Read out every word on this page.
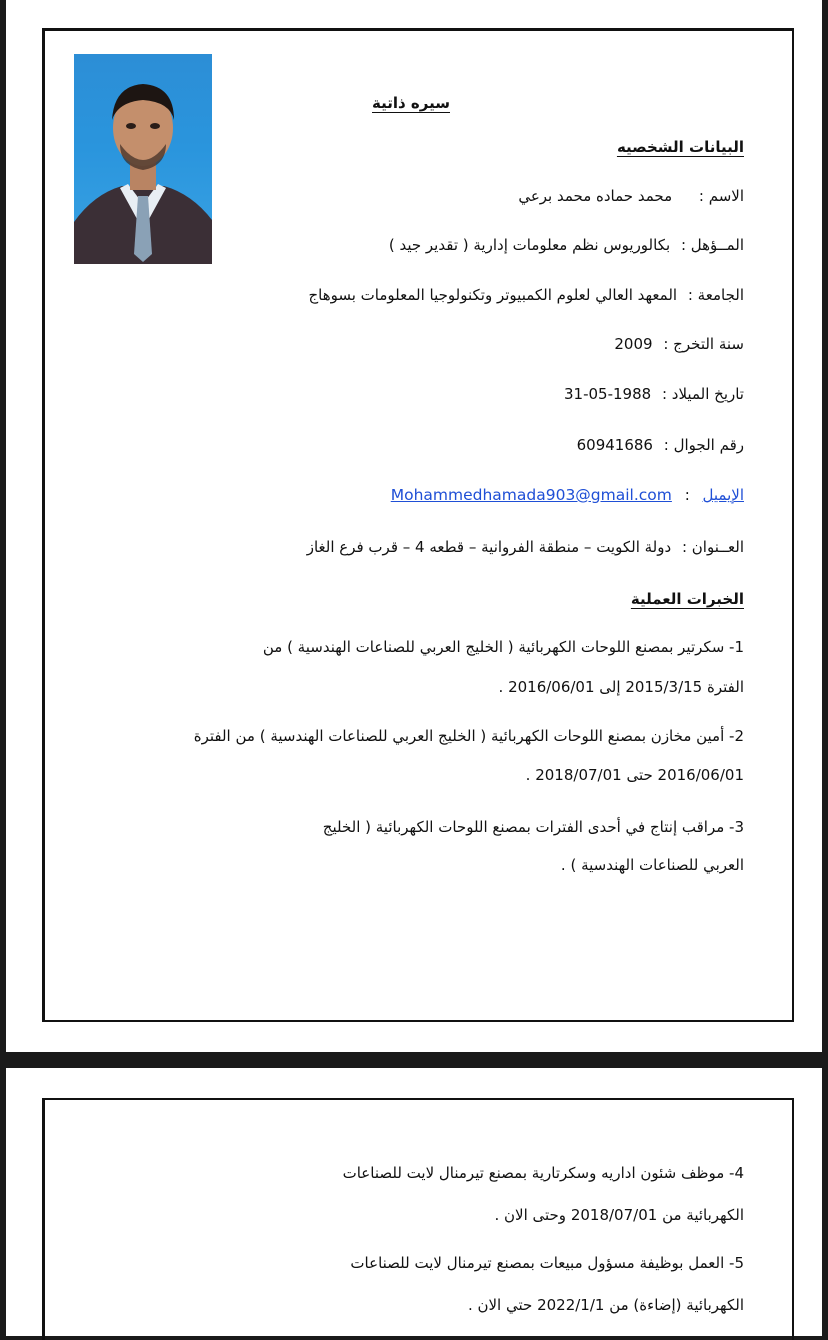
سيره ذاتية
البيانات الشخصيه
الاسم : محمد حماده محمد برعي
المــؤهل : بكالوريوس نظم معلومات إدارية ( تقدير جيد )
الجامعة : المعهد العالي لعلوم الكمبيوتر وتكنولوجيا المعلومات بسوهاج
سنة التخرج : 2009
تاريخ الميلاد : 31-05-1988
رقم الجوال : 60941686
الإيميل : Mohammedhamada903@gmail.com
العــنوان : دولة الكويت – منطقة الفروانية – قطعه 4 – قرب فرع الغاز
الخبرات العملية
1- سكرتير بمصنع اللوحات الكهربائية ( الخليج العربي للصناعات الهندسية ) من
الفترة 2015/3/15 إلى 2016/06/01 .
2- أمين مخازن بمصنع اللوحات الكهربائية ( الخليج العربي للصناعات الهندسية ) من الفترة
2016/06/01 حتى 2018/07/01 .
3- مراقب إنتاج في أحدى الفترات بمصنع اللوحات الكهربائية ( الخليج
العربي للصناعات الهندسية ) .
4- موظف شئون اداريه وسكرتارية بمصنع تيرمنال لايت للصناعات
الكهربائية من 2018/07/01 وحتى الان .
5- العمل بوظيفة مسؤول مبيعات بمصنع تيرمنال لايت للصناعات
الكهربائية (إضاءة) من 2022/1/1 حتي الان .
